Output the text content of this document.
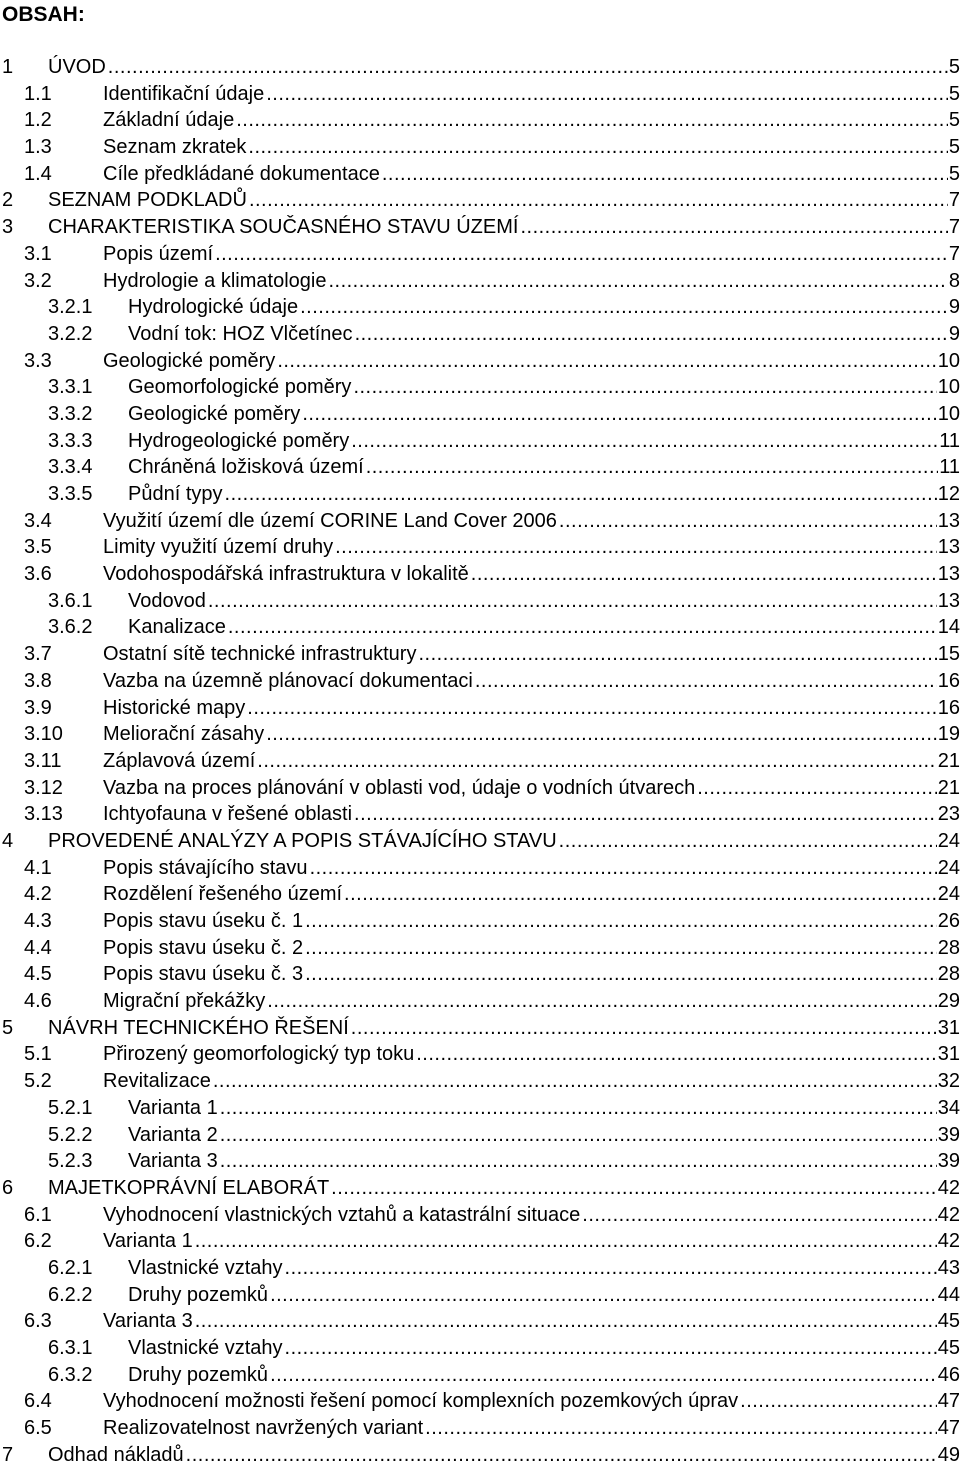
OBSAH:
1 ÚVOD .....	5
1.1	Identifikační údaje .....	5
1.2	Základní údaje .....	5
1.3	Seznam zkratek .....	5
1.4	Cíle předkládané dokumentace .....	5
2 SEZNAM PODKLADŮ .....	7
3 CHARAKTERISTIKA SOUČASNÉHO STAVU ÚZEMÍ .....	7
3.1	Popis území .....	7
3.2	Hydrologie a klimatologie .....	8
3.2.1 Hydrologické údaje .....	9
3.2.2 Vodní tok: HOZ Vlčetínec .....	9
3.3	Geologické poměry .....	10
3.3.1 Geomorfologické poměry .....	10
3.3.2 Geologické poměry .....	10
3.3.3 Hydrogeologické poměry .....	11
3.3.4 Chráněná ložisková území .....	11
3.3.5 Půdní typy .....	12
3.4	Využití území dle území CORINE Land Cover 2006 .....	13
3.5	Limity využití území druhy .....	13
3.6	Vodohospodářská infrastruktura v lokalitě .....	13
3.6.1 Vodovod .....	13
3.6.2 Kanalizace .....	14
3.7	Ostatní sítě technické infrastruktury .....	15
3.8	Vazba na územně plánovací dokumentaci .....	16
3.9	Historické mapy .....	16
3.10 Meliorační zásahy .....	19
3.11 Záplavová území .....	21
3.12 Vazba na proces plánování v oblasti vod, údaje o vodních útvarech .....	21
3.13 Ichtyofauna v řešené oblasti .....	23
4 PROVEDENÉ ANALÝZY A POPIS STÁVAJÍCÍHO STAVU .....	24
4.1	Popis stávajícího stavu .....	24
4.2	Rozdělení řešeného území .....	24
4.3	Popis stavu úseku č. 1 .....	26
4.4	Popis stavu úseku č. 2 .....	28
4.5	Popis stavu úseku č. 3 .....	28
4.6	Migrační překážky .....	29
5 NÁVRH TECHNICKÉHO ŘEŠENÍ .....	31
5.1	Přirozený geomorfologický typ toku .....	31
5.2	Revitalizace .....	32
5.2.1 Varianta 1 .....	34
5.2.2 Varianta 2 .....	39
5.2.3 Varianta 3 .....	39
6 MAJETKOPRÁVNÍ ELABORÁT .....	42
6.1	Vyhodnocení vlastnických vztahů a katastrální situace .....	42
6.2	Varianta 1 .....	42
6.2.1 Vlastnické vztahy .....	43
6.2.2 Druhy pozemků .....	44
6.3	Varianta 3 .....	45
6.3.1 Vlastnické vztahy .....	45
6.3.2 Druhy pozemků .....	46
6.4	Vyhodnocení možnosti řešení pomocí komplexních pozemkových úprav .....	47
6.5	Realizovatelnost navržených variant .....	47
7 Odhad nákladů .....	49
